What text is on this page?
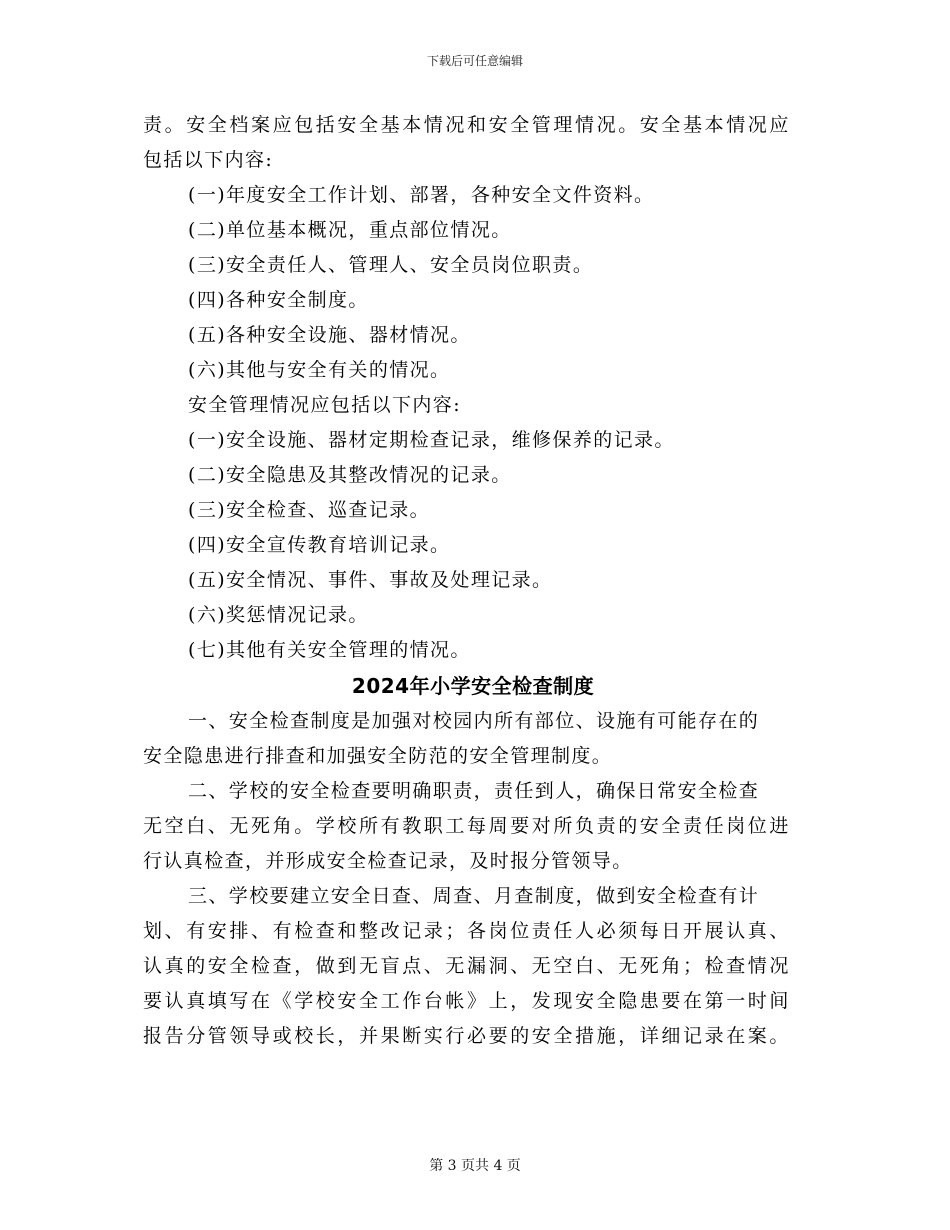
下载后可任意编辑
责。安全档案应包括安全基本情况和安全管理情况。安全基本情况应
包括以下内容:
(一)年度安全工作计划、部署，各种安全文件资料。
(二)单位基本概况，重点部位情况。
(三)安全责任人、管理人、安全员岗位职责。
(四)各种安全制度。
(五)各种安全设施、器材情况。
(六)其他与安全有关的情况。
安全管理情况应包括以下内容:
(一)安全设施、器材定期检查记录，维修保养的记录。
(二)安全隐患及其整改情况的记录。
(三)安全检查、巡查记录。
(四)安全宣传教育培训记录。
(五)安全情况、事件、事故及处理记录。
(六)奖惩情况记录。
(七)其他有关安全管理的情况。
2024年小学安全检查制度
一、安全检查制度是加强对校园内所有部位、设施有可能存在的
安全隐患进行排查和加强安全防范的安全管理制度。
二、学校的安全检查要明确职责，责任到人，确保日常安全检查
无空白、无死角。学校所有教职工每周要对所负责的安全责任岗位进
行认真检查，并形成安全检查记录，及时报分管领导。
三、学校要建立安全日查、周查、月查制度，做到安全检查有计
划、有安排、有检查和整改记录；各岗位责任人必须每日开展认真、
认真的安全检查，做到无盲点、无漏洞、无空白、无死角；检查情况
要认真填写在《学校安全工作台帐》上，发现安全隐患要在第一时间
报告分管领导或校长，并果断实行必要的安全措施，详细记录在案。
第 3 页共 4 页
